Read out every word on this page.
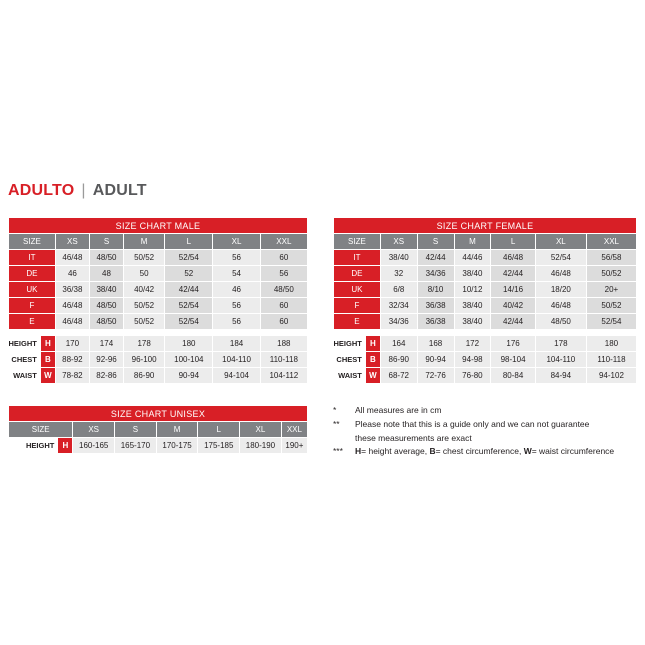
ADULTO | ADULT
SIZE CHART MALE						
SIZE	XS	S	M	L	XL	XXL
IT	46/48	48/50	50/52	52/54	56	60
DE	46	48	50	52	54	56
UK	36/38	38/40	40/42	42/44	46	48/50
F	46/48	48/50	50/52	52/54	56	60
E	46/48	48/50	50/52	52/54	56	60

HEIGHT H	170	174	178	180	184	188

CHEST B	88-92	92-96	96-100	100-104	104-110	110-118

WAIST W	78-82	82-86	86-90	90-94	94-104	104-112
SIZE CHART FEMALE						
SIZE	XS	S	M	L	XL	XXL
IT	38/40	42/44	44/46	46/48	52/54	56/58
DE	32	34/36	38/40	42/44	46/48	50/52
UK	6/8	8/10	10/12	14/16	18/20	20+
F	32/34	36/38	38/40	40/42	46/48	50/52
E	34/36	36/38	38/40	42/44	48/50	52/54

HEIGHT H	164	168	172	176	178	180

CHEST B	86-90	90-94	94-98	98-104	104-110	110-118

WAIST W	68-72	72-76	76-80	80-84	84-94	94-102
SIZE CHART UNISEX						
SIZE	XS	S	M	L	XL	XXL

HEIGHT H	160-165	165-170	170-175	175-185	180-190	190+
*	All measures are in cm
**	Please note that this is a guide only and we can not guarantee
these measurements are exact
***	H= height average, B= chest circumference, W= waist circumference
